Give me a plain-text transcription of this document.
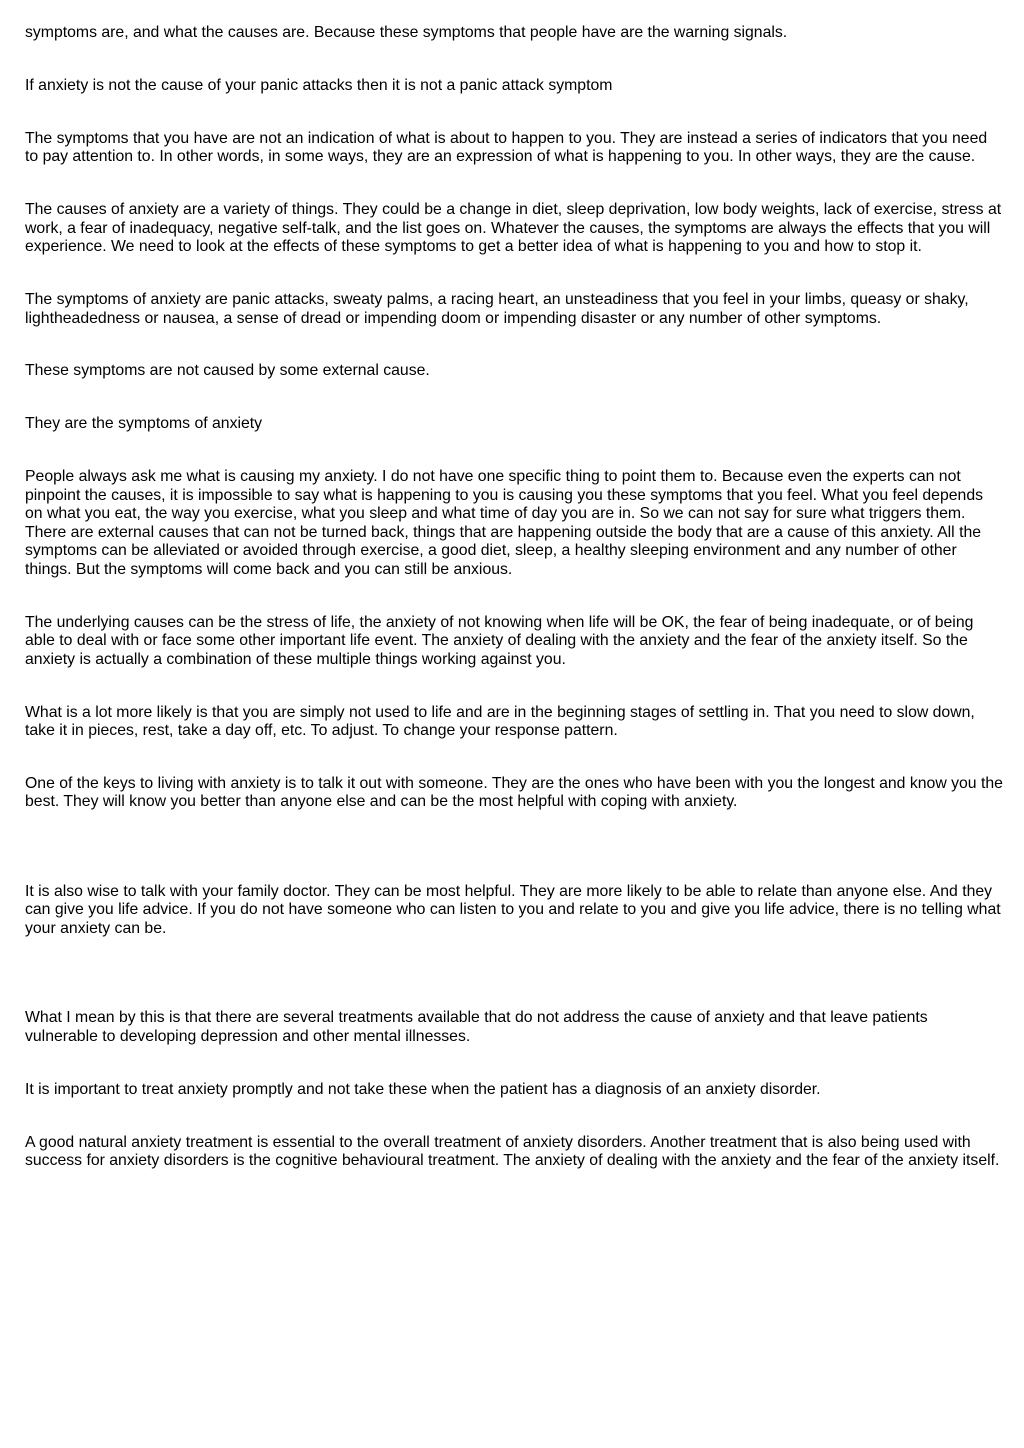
symptoms are, and what the causes are. Because these symptoms that people have are the warning signals.

If anxiety is not the cause of your panic attacks then it is not a panic attack symptom

The symptoms that you have are not an indication of what is about to happen to you. They are instead a series of indicators that you need to pay attention to. In other words, in some ways, they are an expression of what is happening to you. In other ways, they are the cause.

The causes of anxiety are a variety of things. They could be a change in diet, sleep deprivation, low body weights, lack of exercise, stress at work, a fear of inadequacy, negative self-talk, and the list goes on. Whatever the causes, the symptoms are always the effects that you will experience. We need to look at the effects of these symptoms to get a better idea of what is happening to you and how to stop it.

The symptoms of anxiety are panic attacks, sweaty palms, a racing heart, an unsteadiness that you feel in your limbs, queasy or shaky, lightheadedness or nausea, a sense of dread or impending doom or impending disaster or any number of other symptoms.

These symptoms are not caused by some external cause.

They are the symptoms of anxiety

People always ask me what is causing my anxiety. I do not have one specific thing to point them to. Because even the experts can not pinpoint the causes, it is impossible to say what is happening to you is causing you these symptoms that you feel. What you feel depends on what you eat, the way you exercise, what you sleep and what time of day you are in. So we can not say for sure what triggers them. There are external causes that can not be turned back, things that are happening outside the body that are a cause of this anxiety. All the symptoms can be alleviated or avoided through exercise, a good diet, sleep, a healthy sleeping environment and any number of other things. But the symptoms will come back and you can still be anxious.

The underlying causes can be the stress of life, the anxiety of not knowing when life will be OK, the fear of being inadequate, or of being able to deal with or face some other important life event. The anxiety of dealing with the anxiety and the fear of the anxiety itself. So the anxiety is actually a combination of these multiple things working against you.

What is a lot more likely is that you are simply not used to life and are in the beginning stages of settling in. That you need to slow down, take it in pieces, rest, take a day off, etc. To adjust. To change your response pattern.

One of the keys to living with anxiety is to talk it out with someone. They are the ones who have been with you the longest and know you the best. They will know you better than anyone else and can be the most helpful with coping with anxiety.

It is also wise to talk with your family doctor. They can be most helpful. They are more likely to be able to relate than anyone else. And they can give you life advice. If you do not have someone who can listen to you and relate to you and give you life advice, there is no telling what your anxiety can be.

What I mean by this is that there are several treatments available that do not address the cause of anxiety and that leave patients vulnerable to developing depression and other mental illnesses.

It is important to treat anxiety promptly and not take these when the patient has a diagnosis of an anxiety disorder.

A good natural anxiety treatment is essential to the overall treatment of anxiety disorders. Another treatment that is also being used with success for anxiety disorders is the cognitive behavioural treatment. The anxiety of dealing with the anxiety and the fear of the anxiety itself.
